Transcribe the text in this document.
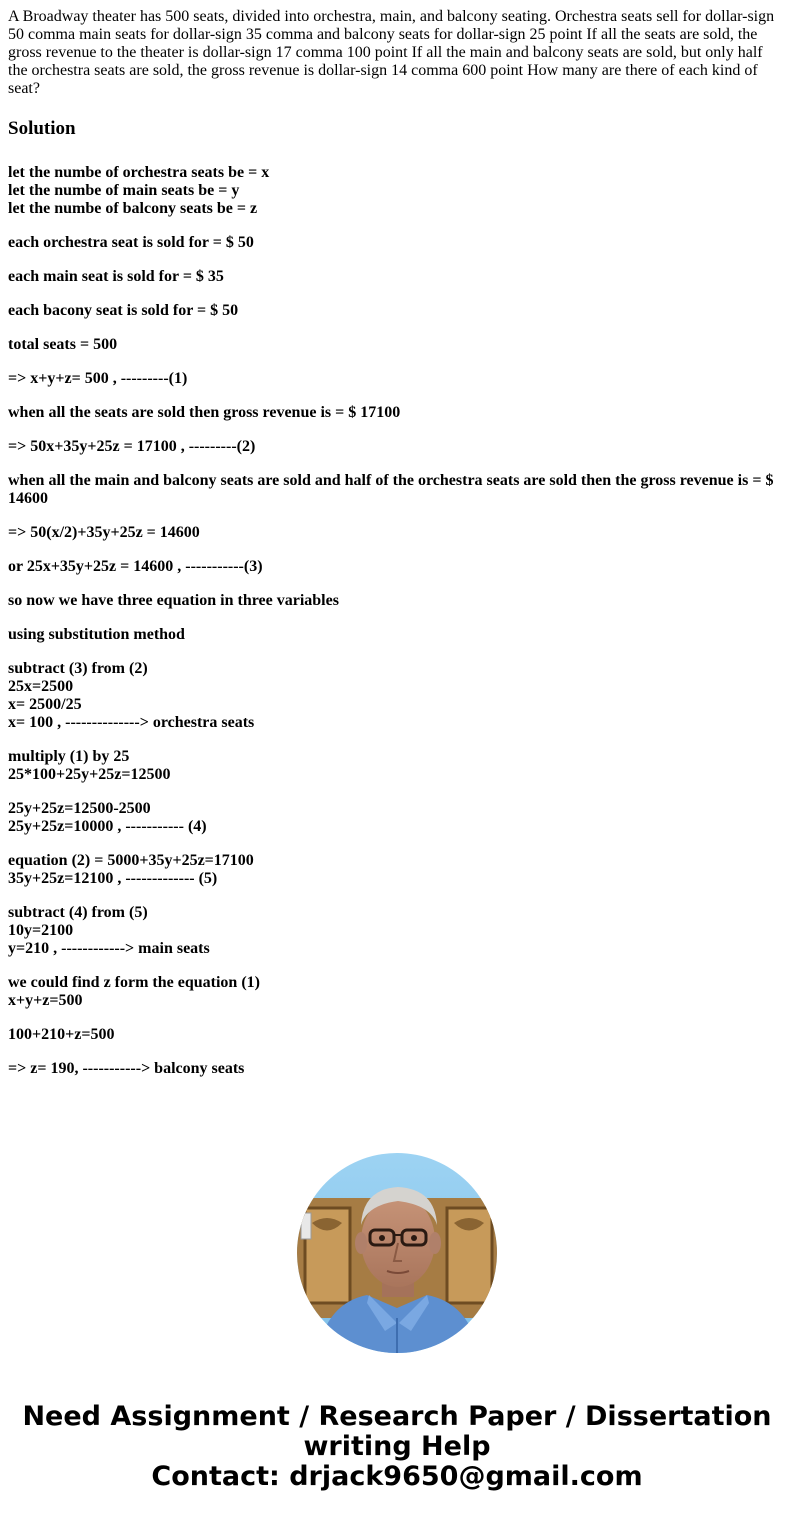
A Broadway theater has 500 seats, divided into orchestra, main, and balcony seating. Orchestra seats sell for dollar-sign 50 comma main seats for dollar-sign 35 comma and balcony seats for dollar-sign 25 point If all the seats are sold, the gross revenue to the theater is dollar-sign 17 comma 100 point If all the main and balcony seats are sold, but only half the orchestra seats are sold, the gross revenue is dollar-sign 14 comma 600 point How many are there of each kind of seat?

Solution
let the numbe of orchestra seats be = x
let the numbe of main seats be = y
let the numbe of balcony seats be = z
each orchestra seat is sold for = $ 50
each main seat is sold for = $ 35
each bacony seat is sold for = $ 50
total seats = 500
=> x+y+z= 500 , ---------(1)
when all the seats are sold then gross revenue is = $ 17100
=> 50x+35y+25z = 17100 , ---------(2)
when all the main and balcony seats are sold and half of the orchestra seats are sold then the gross revenue is = $ 14600
=> 50(x/2)+35y+25z = 14600
or 25x+35y+25z = 14600 , -----------(3)
so now we have three equation in three variables
using substitution method
subtract (3) from (2)
25x=2500
x= 2500/25
x= 100 , --------------> orchestra seats
multiply (1) by 25
25*100+25y+25z=12500
25y+25z=12500-2500
25y+25z=10000 , ----------- (4)
equation (2) = 5000+35y+25z=17100
35y+25z=12100 , ------------- (5)
subtract (4) from (5)
10y=2100
y=210 , ------------> main seats
we could find z form the equation (1)
x+y+z=500
100+210+z=500
=> z= 190, -----------> balcony seats
Need Assignment / Research Paper / Dissertation
writing Help
Contact: drjack9650@gmail.com
